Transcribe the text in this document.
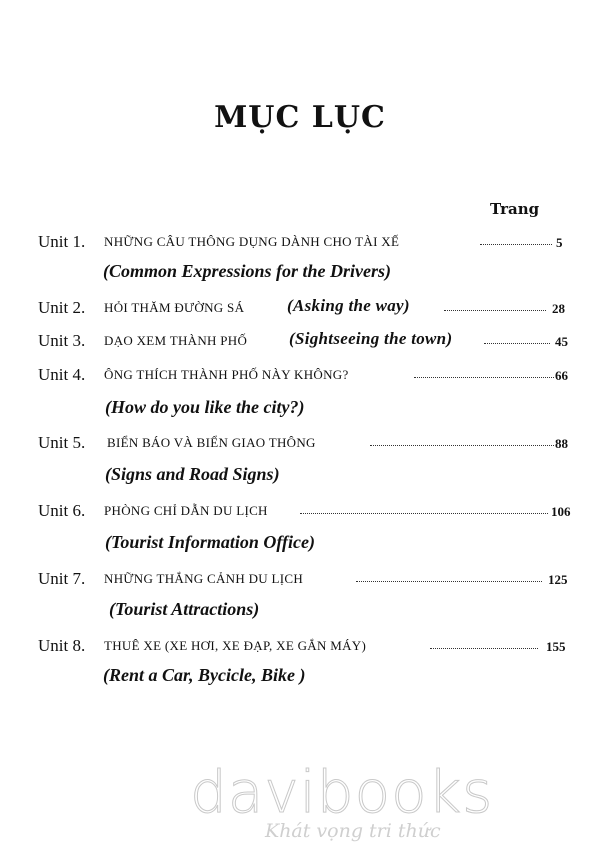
MỤC LỤC
Trang
Unit 1. NHỮNG CÂU THÔNG DỤNG DÀNH CHO TÀI XẾ	5
(Common Expressions for the Drivers)
Unit 2. HỎI THĂM ĐƯỜNG SÁ	(Asking the way)	28
Unit 3. DẠO XEM THÀNH PHỐ (Sightseeing the town)	45
Unit 4. ÔNG THÍCH THÀNH PHỐ NÀY KHÔNG?	66
(How do you like the city?)
Unit 5. BIỂN BÁO VÀ BIỂN GIAO THÔNG	88
(Signs and Road Signs)
Unit 6. PHÒNG CHỈ DẪN DU LỊCH	106
(Tourist Information Office)
Unit 7. NHỮNG THẮNG CẢNH DU LỊCH	125
(Tourist Attractions)
Unit 8. THUÊ XE (XE HƠI, XE ĐẠP, XE GẮN MÁY)	155
(Rent a Car, Bycicle, Bike )
davibooks
Khát vọng tri thức
